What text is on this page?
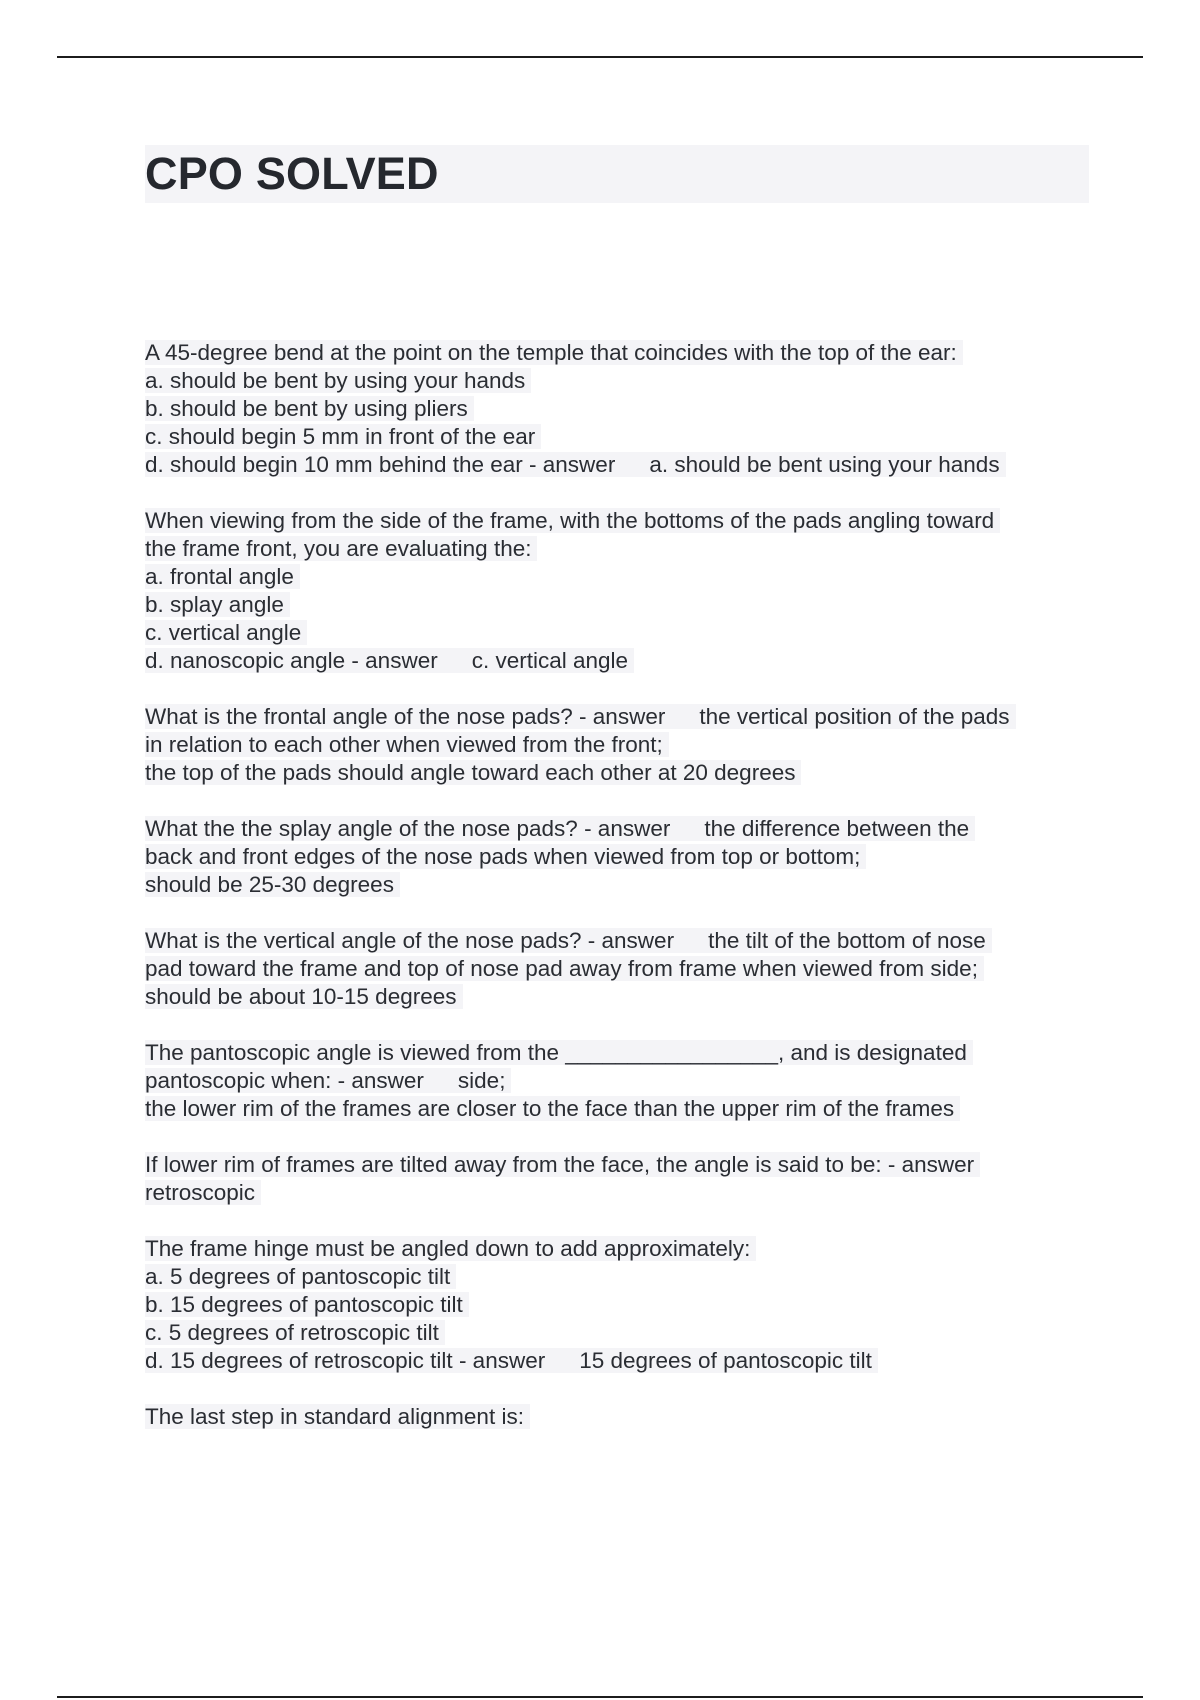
CPO SOLVED
A 45-degree bend at the point on the temple that coincides with the top of the ear:
a. should be bent by using your hands
b. should be bent by using pliers
c. should begin 5 mm in front of the ear
d. should begin 10 mm behind the ear - answer a. should be bent using your hands
When viewing from the side of the frame, with the bottoms of the pads angling toward
the frame front, you are evaluating the:
a. frontal angle
b. splay angle
c. vertical angle
d. nanoscopic angle - answer c. vertical angle
What is the frontal angle of the nose pads? - answer the vertical position of the pads
in relation to each other when viewed from the front;
the top of the pads should angle toward each other at 20 degrees
What the the splay angle of the nose pads? - answer the difference between the
back and front edges of the nose pads when viewed from top or bottom;
should be 25-30 degrees
What is the vertical angle of the nose pads? - answer the tilt of the bottom of nose
pad toward the frame and top of nose pad away from frame when viewed from side;
should be about 10-15 degrees
The pantoscopic angle is viewed from the _________________, and is designated
pantoscopic when: - answer side;
the lower rim of the frames are closer to the face than the upper rim of the frames
If lower rim of frames are tilted away from the face, the angle is said to be: - answer
retroscopic
The frame hinge must be angled down to add approximately:
a. 5 degrees of pantoscopic tilt
b. 15 degrees of pantoscopic tilt
c. 5 degrees of retroscopic tilt
d. 15 degrees of retroscopic tilt - answer 15 degrees of pantoscopic tilt
The last step in standard alignment is:
